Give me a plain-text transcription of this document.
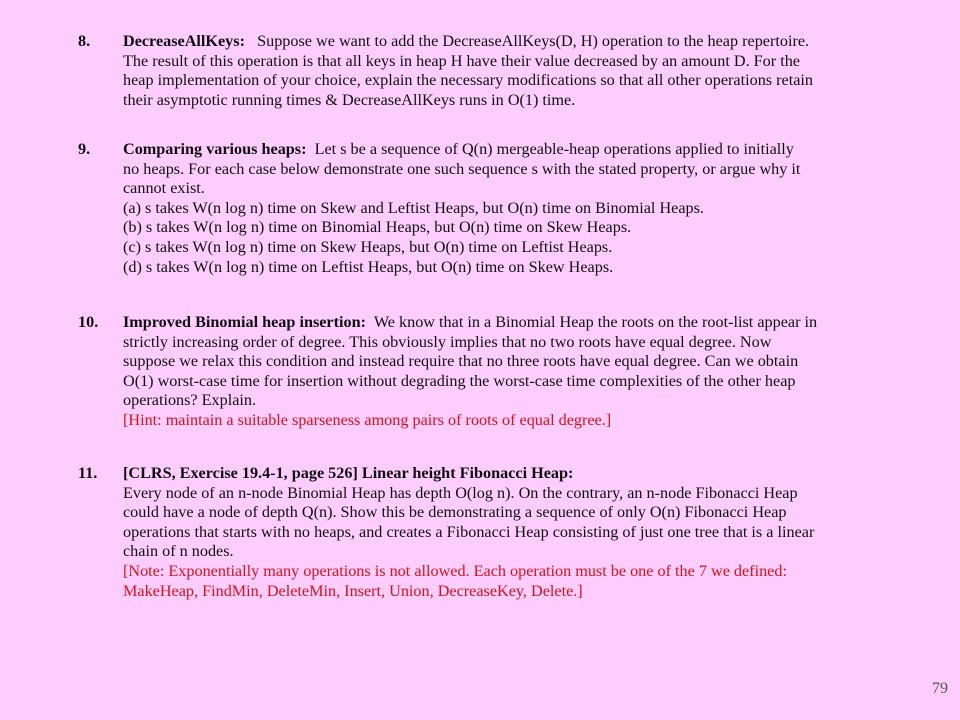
8. DecreaseAllKeys: Suppose we want to add the DecreaseAllKeys(D, H) operation to the heap repertoire.
The result of this operation is that all keys in heap H have their value decreased by an amount D. For the
heap implementation of your choice, explain the necessary modifications so that all other operations retain
their asymptotic running times & DecreaseAllKeys runs in O(1) time.
9. Comparing various heaps: Let s be a sequence of Q(n) mergeable-heap operations applied to initially
no heaps. For each case below demonstrate one such sequence s with the stated property, or argue why it
cannot exist.
(a) s takes W(n log n) time on Skew and Leftist Heaps, but O(n) time on Binomial Heaps.
(b) s takes W(n log n) time on Binomial Heaps, but O(n) time on Skew Heaps.
(c) s takes W(n log n) time on Skew Heaps, but O(n) time on Leftist Heaps.
(d) s takes W(n log n) time on Leftist Heaps, but O(n) time on Skew Heaps.
10. Improved Binomial heap insertion: We know that in a Binomial Heap the roots on the root-list appear in
strictly increasing order of degree. This obviously implies that no two roots have equal degree. Now
suppose we relax this condition and instead require that no three roots have equal degree. Can we obtain
O(1) worst-case time for insertion without degrading the worst-case time complexities of the other heap
operations? Explain.
[Hint: maintain a suitable sparseness among pairs of roots of equal degree.]
11. [CLRS, Exercise 19.4-1, page 526] Linear height Fibonacci Heap:
Every node of an n-node Binomial Heap has depth O(log n). On the contrary, an n-node Fibonacci Heap
could have a node of depth Q(n). Show this be demonstrating a sequence of only O(n) Fibonacci Heap
operations that starts with no heaps, and creates a Fibonacci Heap consisting of just one tree that is a linear
chain of n nodes.
[Note: Exponentially many operations is not allowed. Each operation must be one of the 7 we defined:
MakeHeap, FindMin, DeleteMin, Insert, Union, DecreaseKey, Delete.]
79
